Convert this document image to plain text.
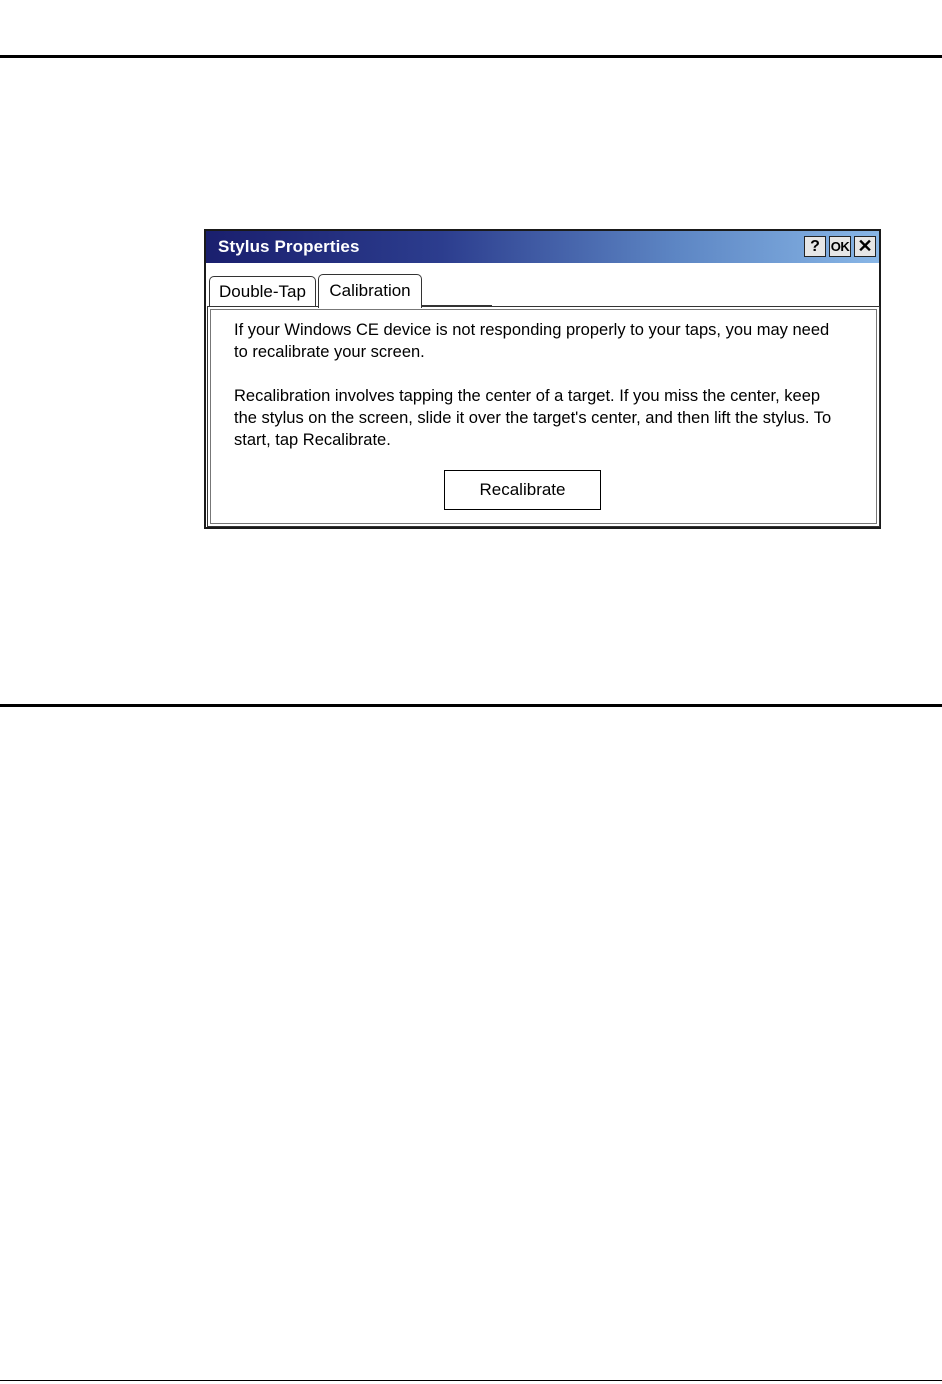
Stylus Properties	? OK ✕
Double-Tap	Calibration

If your Windows CE device is not responding properly to your taps, you may need to recalibrate your screen.

Recalibration involves tapping the center of a target. If you miss the center, keep the stylus on the screen, slide it over the target's center, and then lift the stylus. To start, tap Recalibrate.

Recalibrate
